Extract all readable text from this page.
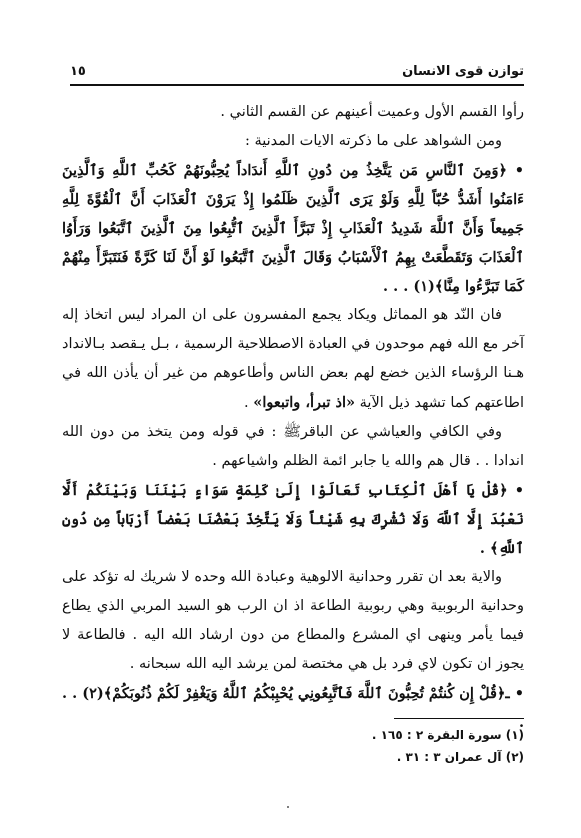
توازن قوى الانسان
١٥

رأوا القسم الأول وعميت أعينهم عن القسم الثاني .

ومن الشواهد على ما ذكرته الايات المدنية :

• ﴿وَمِنَ ٱلنَّاسِ مَن يَتَّخِذُ مِن دُونِ ٱللَّهِ أَندَاداً يُحِبُّونَهُمْ كَحُبِّ ٱللَّهِ وَٱلَّذِينَ ءَامَنُوا أَشَدُّ حُبّاً لِلَّهِ وَلَوْ يَرَى ٱلَّذِينَ ظَلَمُوا إِذْ يَرَوْنَ ٱلْعَذَابَ أَنَّ ٱلْقُوَّةَ لِلَّهِ جَمِيعاً وَأَنَّ ٱللَّهَ شَدِيدُ ٱلْعَذَابِ إِذْ تَبَرَّأَ ٱلَّذِينَ ٱتُّبِعُوا مِنَ ٱلَّذِينَ ٱتَّبَعُوا وَرَأَوُا ٱلْعَذَابَ وَتَقَطَّعَتْ بِهِمُ ٱلْأَسْبَابُ وَقَالَ ٱلَّذِينَ ٱتَّبَعُوا لَوْ أَنَّ لَنَا كَرَّةً فَنَتَبَرَّأَ مِنْهُمْ كَمَا تَبَرَّءُوا مِنَّا﴾(١) . . .

فان النّد هو المماثل ويكاد يجمع المفسرون على ان المراد ليس اتخاذ إله آخر مع الله فهم موحدون في العبادة الاصطلاحية الرسمية ، بـل يـقصد بـالانداد هـنا الرؤساء الذين خضع لهم بعض الناس وأطاعوهم من غير أن يأذن الله في اطاعتهم كما تشهد ذيل الآية «اذ تبرأ، واتبعوا» .

وفي الكافي والعياشي عن الباقرﷺ : في قوله ومن يتخذ من دون الله اندادا . . قال هم والله يا جابر ائمة الظلم واشياعهم .

• ﴿قُلْ يَا أَهْلَ ٱلْكِتَابِ تَعَالَوْا إِلَىٰ كَلِمَةٍ سَوَاءٍ بَيْنَنَا وَبَيْنَكُمْ أَلَّا نَعْبُدَ إِلَّا ٱللَّهَ وَلَا نُشْرِكَ بِهِ شَيْئاً وَلَا يَتَّخِذَ بَعْضُنَا بَعْضاً أَرْبَاباً مِن دُونِ ٱللَّهِ﴾ .

والاية بعد ان تقرر وحدانية الالوهية وعبادة الله وحده لا شريك له تؤكد على وحدانية الربوبية وهي ربوبية الطاعة اذ ان الرب هو السيد المربي الذي يطاع فيما يأمر وينهى اي المشرع والمطاع من دون ارشاد الله اليه . فالطاعة لا يجوز ان تكون لاي فرد بل هي مختصة لمن يرشد اليه الله سبحانه .

• ـ﴿قُلْ إِن كُنتُمْ تُحِبُّونَ ٱللَّهَ فَٱتَّبِعُونِي يُحْبِبْكُمُ ٱللَّهُ وَيَغْفِرْ لَكُمْ ذُنُوبَكُمْ﴾(٢) . . .

(١) سورة البقرة ٢ : ١٦٥ .

(٢) آل عمران ٣ : ٣١ .
